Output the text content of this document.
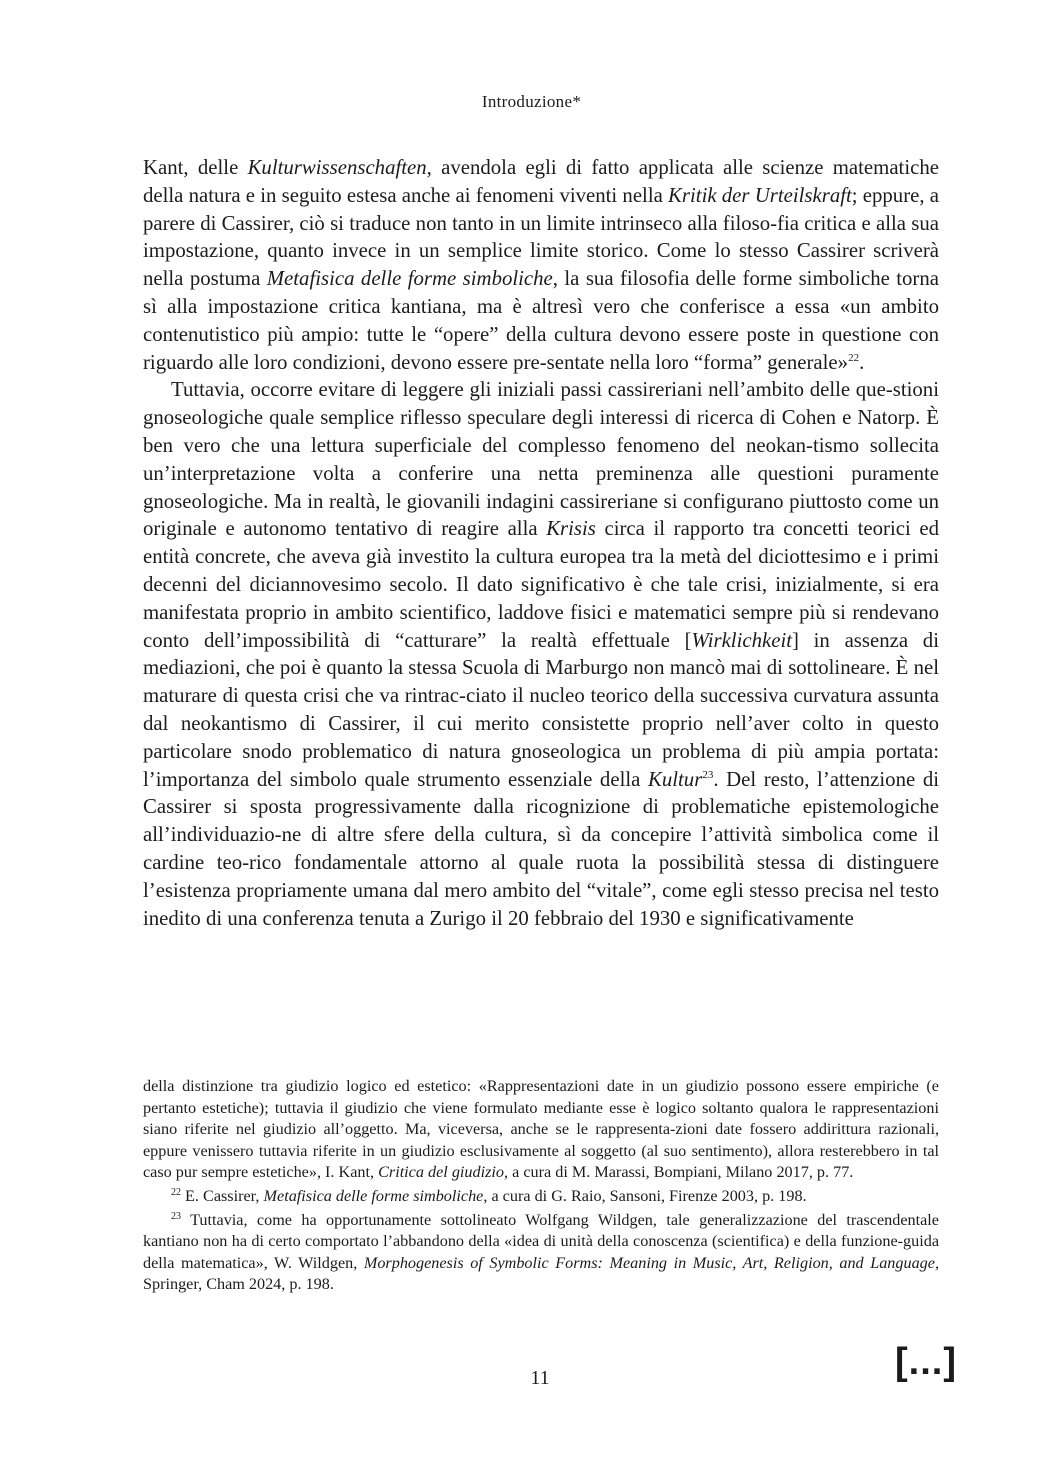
Introduzione*

Kant, delle Kulturwissenschaften, avendola egli di fatto applicata alle scienze matematiche della natura e in seguito estesa anche ai fenomeni viventi nella Kritik der Urteilskraft; eppure, a parere di Cassirer, ciò si traduce non tanto in un limite intrinseco alla filoso-fia critica e alla sua impostazione, quanto invece in un semplice limite storico. Come lo stesso Cassirer scriverà nella postuma Metafisica delle forme simboliche, la sua filosofia delle forme simboliche torna sì alla impostazione critica kantiana, ma è altresì vero che conferisce a essa «un ambito contenutistico più ampio: tutte le “opere” della cultura devono essere poste in questione con riguardo alle loro condizioni, devono essere pre-sentate nella loro “forma” generale»$^{22}$.

Tuttavia, occorre evitare di leggere gli iniziali passi cassireriani nell’ambito delle que-stioni gnoseologiche quale semplice riflesso speculare degli interessi di ricerca di Cohen e Natorp. È ben vero che una lettura superficiale del complesso fenomeno del neokan-tismo sollecita un’interpretazione volta a conferire una netta preminenza alle questioni puramente gnoseologiche. Ma in realtà, le giovanili indagini cassireriane si configurano piuttosto come un originale e autonomo tentativo di reagire alla Krisis circa il rapporto tra concetti teorici ed entità concrete, che aveva già investito la cultura europea tra la metà del diciottesimo e i primi decenni del diciannovesimo secolo. Il dato significativo è che tale crisi, inizialmente, si era manifestata proprio in ambito scientifico, laddove fisici e matematici sempre più si rendevano conto dell’impossibilità di “catturare” la realtà effettuale [Wirklichkeit] in assenza di mediazioni, che poi è quanto la stessa Scuola di Marburgo non mancò mai di sottolineare. È nel maturare di questa crisi che va rintrac-ciato il nucleo teorico della successiva curvatura assunta dal neokantismo di Cassirer, il cui merito consistette proprio nell’aver colto in questo particolare snodo problematico di natura gnoseologica un problema di più ampia portata: l’importanza del simbolo quale strumento essenziale della Kultur$^{23}$. Del resto, l’attenzione di Cassirer si sposta progressivamente dalla ricognizione di problematiche epistemologiche all’individuazio-ne di altre sfere della cultura, sì da concepire l’attività simbolica come il cardine teo-rico fondamentale attorno al quale ruota la possibilità stessa di distinguere l’esistenza propriamente umana dal mero ambito del “vitale”, come egli stesso precisa nel testo inedito di una conferenza tenuta a Zurigo il 20 febbraio del 1930 e significativamente

della distinzione tra giudizio logico ed estetico: «Rappresentazioni date in un giudizio possono essere empiriche (e pertanto estetiche); tuttavia il giudizio che viene formulato mediante esse è logico soltanto qualora le rappresentazioni siano riferite nel giudizio all’oggetto. Ma, viceversa, anche se le rappresenta-zioni date fossero addirittura razionali, eppure venissero tuttavia riferite in un giudizio esclusivamente al soggetto (al suo sentimento), allora resterebbero in tal caso pur sempre estetiche», I. Kant, Critica del giudizio, a cura di M. Marassi, Bompiani, Milano 2017, p. 77.

$^{22}$ E. Cassirer, Metafisica delle forme simboliche, a cura di G. Raio, Sansoni, Firenze 2003, p. 198.

$^{23}$ Tuttavia, come ha opportunamente sottolineato Wolfgang Wildgen, tale generalizzazione del trascendentale kantiano non ha di certo comportato l’abbandono della «idea di unità della conoscenza (scientifica) e della funzione-guida della matematica», W. Wildgen, Morphogenesis of Symbolic Forms: Meaning in Music, Art, Religion, and Language, Springer, Cham 2024, p. 198.

11	[...]
